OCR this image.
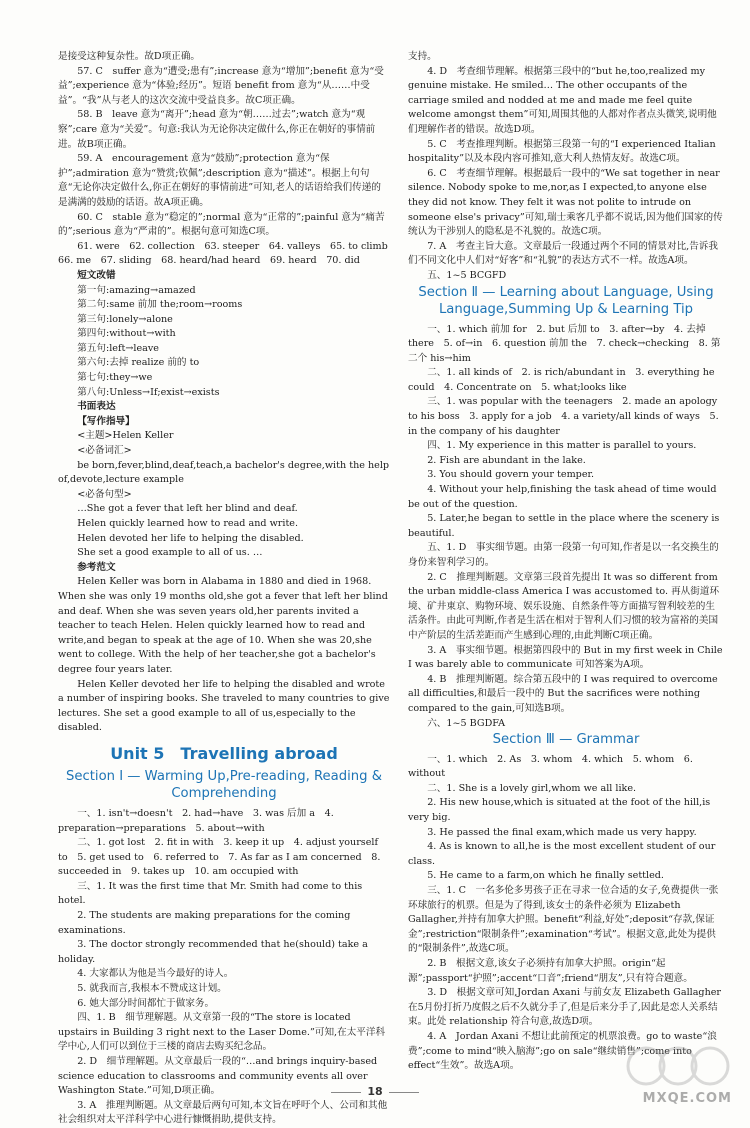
是接受这种复杂性。故D项正确。
57. C　suffer 意为“遭受;患有”;increase 意为“增加”;benefit 意为“受益”;experience 意为“体验;经历”。短语 benefit from 意为“从……中受益”。“我”从与老人的这次交流中受益良多。故C项正确。
58. B　leave 意为“离开”;head 意为“朝……过去”;watch 意为“观察”;care 意为“关爱”。句意:我认为无论你决定做什么,你正在朝好的事情前进。故B项正确。
59. A　encouragement 意为“鼓励”;protection 意为“保护”;admiration 意为“赞赏;钦佩”;description 意为“描述”。根据上句句意“无论你决定做什么,你正在朝好的事情前进”可知,老人的话语给我们传递的是满满的鼓励的话语。故A项正确。
60. C　stable 意为“稳定的”;normal 意为“正常的”;painful 意为“痛苦的”;serious 意为“严肃的”。根据句意可知选C项。
61. were　62. collection　63. steeper　64. valleys　65. to climb　66. me　67. sliding　68. heard/had heard　69. heard　70. did
短文改错
第一句:amazing→amazed
第二句:same 前加 the;room→rooms
第三句:lonely→alone
第四句:without→with
第五句:left→leave
第六句:去掉 realize 前的 to
第七句:they→we
第八句:Unless→If;exist→exists
书面表达
【写作指导】
<主题>Helen Keller
<必备词汇>
be born,fever,blind,deaf,teach,a bachelor's degree,with the help of,devote,lecture example
<必备句型>
…She got a fever that left her blind and deaf.
Helen quickly learned how to read and write.
Helen devoted her life to helping the disabled.
She set a good example to all of us. …
参考范文
Helen Keller was born in Alabama in 1880 and died in 1968. When she was only 19 months old,she got a fever that left her blind and deaf. When she was seven years old,her parents invited a teacher to teach Helen. Helen quickly learned how to read and write,and began to speak at the age of 10. When she was 20,she went to college. With the help of her teacher,she got a bachelor's degree four years later.
Helen Keller devoted her life to helping the disabled and wrote a number of inspiring books. She traveled to many countries to give lectures. She set a good example to all of us,especially to the disabled.
Unit 5　Travelling abroad
Section Ⅰ — Warming Up,Pre-reading, Reading & Comprehending
一、1. isn't→doesn't　2. had→have　3. was 后加 a　4. preparation→preparations　5. about→with
二、1. got lost　2. fit in with　3. keep it up　4. adjust yourself to　5. get used to　6. referred to　7. As far as I am concerned　8. succeeded in　9. takes up　10. am occupied with
三、1. It was the first time that Mr. Smith had come to this hotel.
2. The students are making preparations for the coming examinations.
3. The doctor strongly recommended that he(should) take a holiday.
4. 大家都认为他是当今最好的诗人。
5. 就我而言,我根本不赞成这计划。
6. 她大部分时间都忙于做家务。
四、1. B　细节理解题。从文章第一段的“The store is located upstairs in Building 3 right next to the Laser Dome.”可知,在太平洋科学中心,人们可以到位于三楼的商店去购买纪念品。
2. D　细节理解题。从文章最后一段的“…and brings inquiry-based science education to classrooms and community events all over Washington State.”可知,D项正确。
3. A　推理判断题。从文章最后两句可知,本文旨在呼吁个人、公司和其他社会组织对太平洋科学中心进行慷慨捐助,提供支持。
支持。
4. D　考查细节理解。根据第三段中的“but he,too,realized my genuine mistake. He smiled… The other occupants of the carriage smiled and nodded at me and made me feel quite welcome amongst them”可知,周围其他的人都对作者点头微笑,说明他们理解作者的错误。故选D项。
5. C　考查推理判断。根据第三段第一句的“I experienced Italian hospitality”以及本段内容可推知,意大利人热情友好。故选C项。
6. C　考查细节理解。根据最后一段中的“We sat together in near silence. Nobody spoke to me,nor,as I expected,to anyone else they did not know. They felt it was not polite to intrude on someone else's privacy”可知,瑞士乘客几乎都不说话,因为他们国家的传统认为干涉别人的隐私是不礼貌的。故选C项。
7. A　考查主旨大意。文章最后一段通过两个不同的情景对比,告诉我们不同文化中人们对“好客”和“礼貌”的表达方式不一样。故选A项。
五、1~5 BCGFD
Section Ⅱ — Learning about Language, Using Language,Summing Up & Learning Tip
一、1. which 前加 for　2. but 后加 to　3. after→by　4. 去掉 there　5. of→in　6. question 前加 the　7. check→checking　8. 第二个 his→him
二、1. all kinds of　2. is rich/abundant in　3. everything he could　4. Concentrate on　5. what;looks like
三、1. was popular with the teenagers　2. made an apology to his boss　3. apply for a job　4. a variety/all kinds of ways　5. in the company of his daughter
四、1. My experience in this matter is parallel to yours.
2. Fish are abundant in the lake.
3. You should govern your temper.
4. Without your help,finishing the task ahead of time would be out of the question.
5. Later,he began to settle in the place where the scenery is beautiful.
五、1. D　事实细节题。由第一段第一句可知,作者是以一名交换生的身份来智利学习的。
2. C　推理判断题。文章第三段首先提出 It was so different from the urban middle-class America I was accustomed to. 再从街道环境、矿井東京、购物环境、娱乐设施、自然条件等方面描写智利较差的生活条件。由此可判断,作者是生活在相对于智利人们习惯的较为富裕的美国中产阶层的生活差距而产生感到心理的,由此判断C项正确。
3. A　事实细节题。根据第四段中的 But in my first week in Chile I was barely able to communicate 可知答案为A项。
4. B　推理判断题。综合第五段中的 I was required to overcome all difficulties,和最后一段中的 But the sacrifices were nothing compared to the gain,可知选B项。
六、1~5 BGDFA
Section Ⅲ — Grammar
一、1. which　2. As　3. whom　4. which　5. whom　6. without
二、1. She is a lovely girl,whom we all like.
2. His new house,which is situated at the foot of the hill,is very big.
3. He passed the final exam,which made us very happy.
4. As is known to all,he is the most excellent student of our class.
5. He came to a farm,on which he finally settled.
三、1. C　一名多伦多男孩子正在寻求一位合适的女子,免费提供一张环球旅行的机票。但是为了得到,该女士的条件必须为 Elizabeth Gallagher,并持有加拿大护照。benefit“利益,好处”;deposit“存款,保证金”;restriction“限制条件”;examination“考试”。根据文意,此处为提供的“限制条件”,故选C项。
2. B　根据文意,该女子必须持有加拿大护照。origin“起源”;passport“护照”;accent“口音”;friend“朋友”,只有符合题意。
3. D　根据文章可知,Jordan Axani 与前女友 Elizabeth Gallagher 在5月份打折乃度假之后不久就分手了,但是后来分手了,因此是恋人关系结束。此处 relationship 符合句意,故选D项。
4. A　Jordan Axani 不想让此前预定的机票浪费。go to waste“浪费”;come to mind“映入脑海”;go on sale“继续销售”;come into effect“生效”。故选A项。
18	MXQE.COM
